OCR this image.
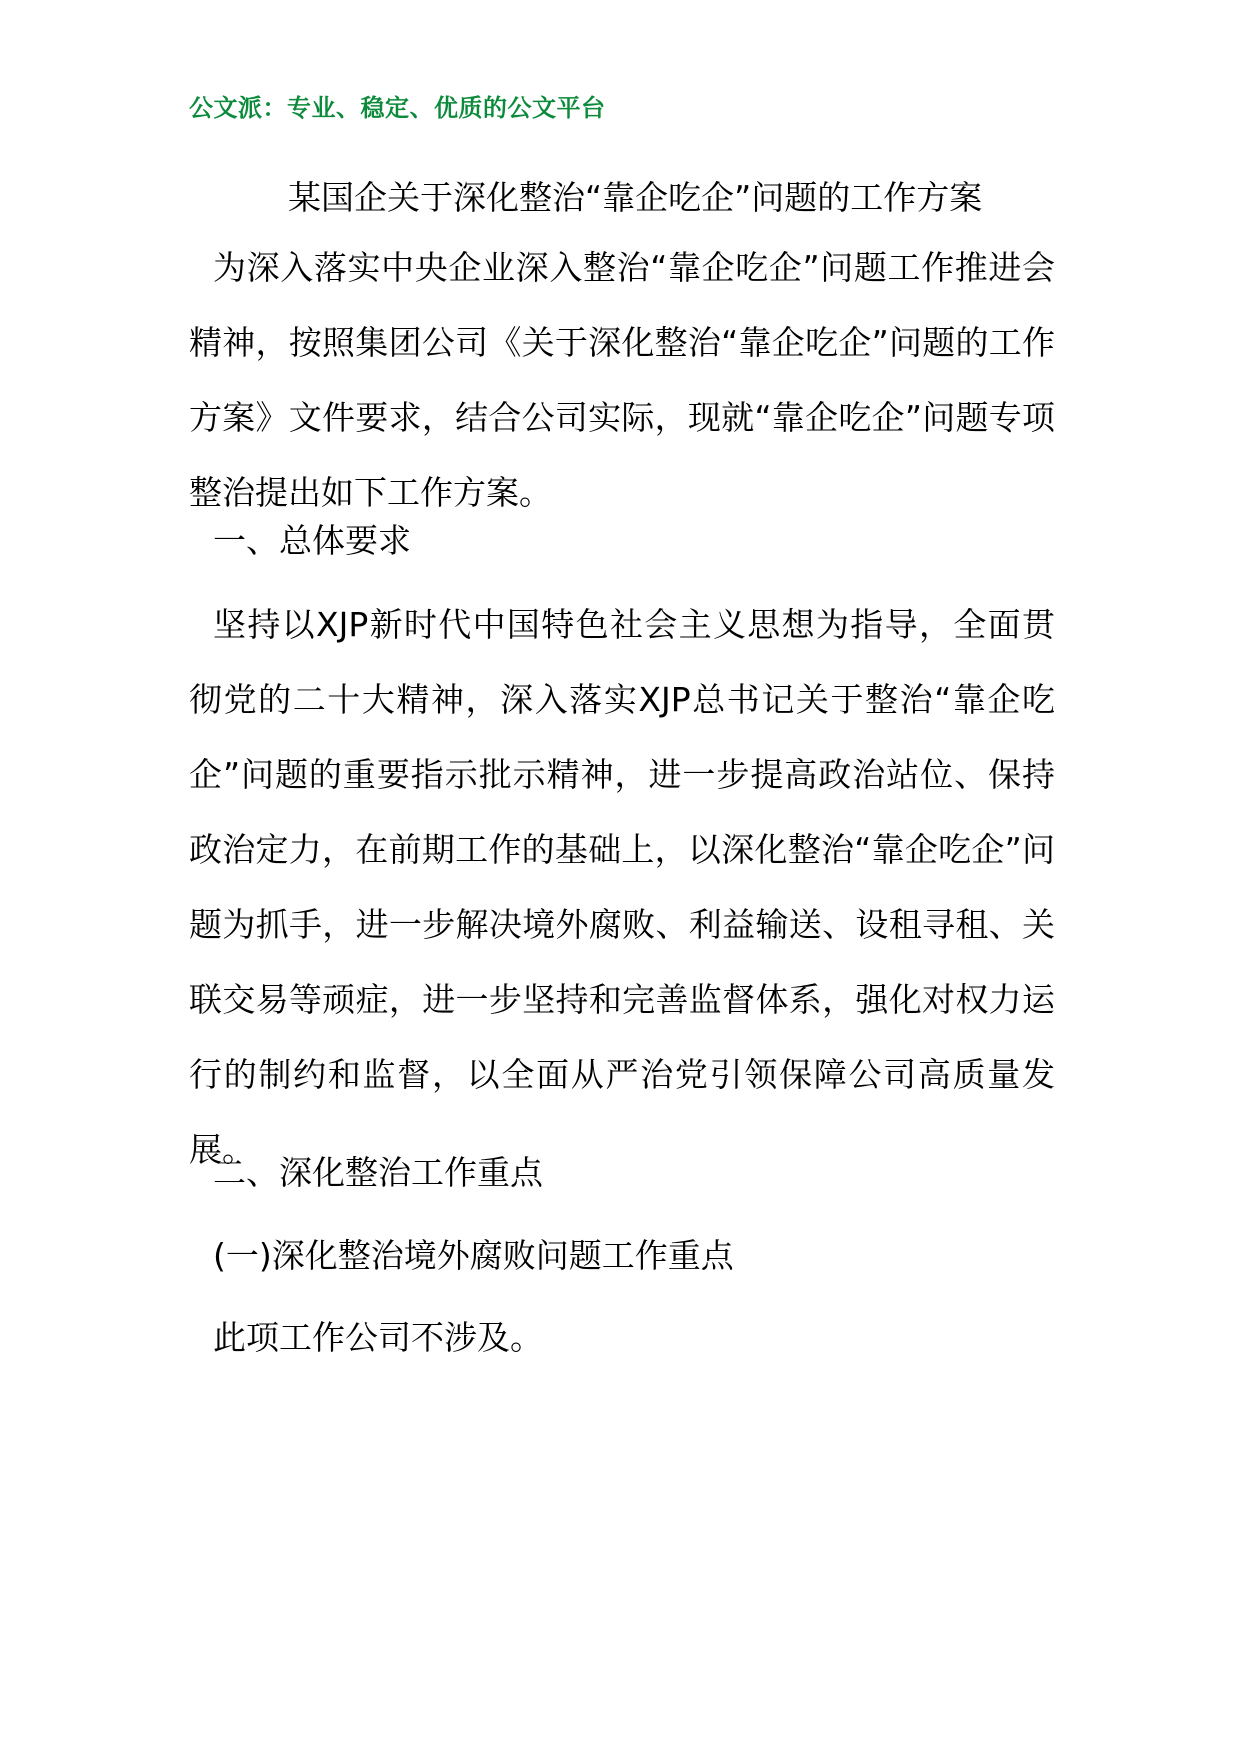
公文派：专业、稳定、优质的公文平台
某国企关于深化整治“靠企吃企”问题的工作方案
为深入落实中央企业深入整治“靠企吃企”问题工作推进会精神，按照集团公司《关于深化整治“靠企吃企”问题的工作方案》文件要求，结合公司实际，现就“靠企吃企”问题专项整治提出如下工作方案。
一、总体要求
坚持以XJP新时代中国特色社会主义思想为指导，全面贯彻党的二十大精神，深入落实XJP总书记关于整治“靠企吃企”问题的重要指示批示精神，进一步提高政治站位、保持政治定力，在前期工作的基础上，以深化整治“靠企吃企”问题为抓手，进一步解决境外腐败、利益输送、设租寻租、关联交易等顽症，进一步坚持和完善监督体系，强化对权力运行的制约和监督，以全面从严治党引领保障公司高质量发展。
二、深化整治工作重点
(一)深化整治境外腐败问题工作重点
此项工作公司不涉及。
